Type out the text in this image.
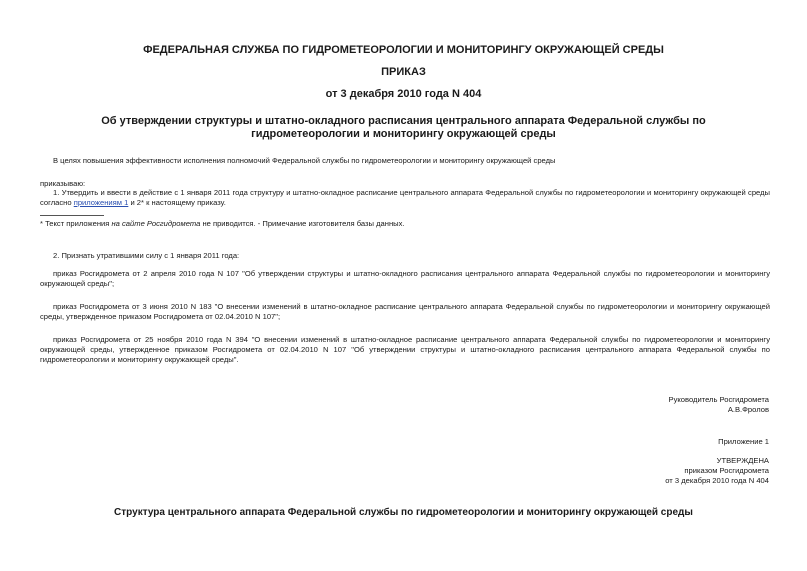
ФЕДЕРАЛЬНАЯ СЛУЖБА ПО ГИДРОМЕТЕОРОЛОГИИ И МОНИТОРИНГУ ОКРУЖАЮЩЕЙ СРЕДЫ
ПРИКАЗ
от 3 декабря 2010 года N 404
Об утверждении структуры и штатно-окладного расписания центрального аппарата Федеральной службы по гидрометеорологии и мониторингу окружающей среды
В целях повышения эффективности исполнения полномочий Федеральной службы по гидрометеорологии и мониторингу окружающей среды
приказываю:
1. Утвердить и ввести в действие с 1 января 2011 года структуру и штатно-окладное расписание центрального аппарата Федеральной службы по гидрометеорологии и мониторингу окружающей среды согласно приложениям 1 и 2* к настоящему приказу.
* Текст приложения на сайте Росгидромета не приводится. - Примечание изготовителя базы данных.
2. Признать утратившими силу с 1 января 2011 года:
приказ Росгидромета от 2 апреля 2010 года N 107 "Об утверждении структуры и штатно-окладного расписания центрального аппарата Федеральной службы по гидрометеорологии и мониторингу окружающей среды";
приказ Росгидромета от 3 июня 2010 N 183 "О внесении изменений в штатно-окладное расписание центрального аппарата Федеральной службы по гидрометеорологии и мониторингу окружающей среды, утвержденное приказом Росгидромета от 02.04.2010 N 107";
приказ Росгидромета от 25 ноября 2010 года N 394 "О внесении изменений в штатно-окладное расписание центрального аппарата Федеральной службы по гидрометеорологии и мониторингу окружающей среды, утвержденное приказом Росгидромета от 02.04.2010 N 107 "Об утверждении структуры и штатно-окладного расписания центрального аппарата Федеральной службы по гидрометеорологии и мониторингу окружающей среды".
Руководитель Росгидромета
А.В.Фролов
Приложение 1
УТВЕРЖДЕНА
приказом Росгидромета
от 3 декабря 2010 года N 404
Структура центрального аппарата Федеральной службы по гидрометеорологии и мониторингу окружающей среды
